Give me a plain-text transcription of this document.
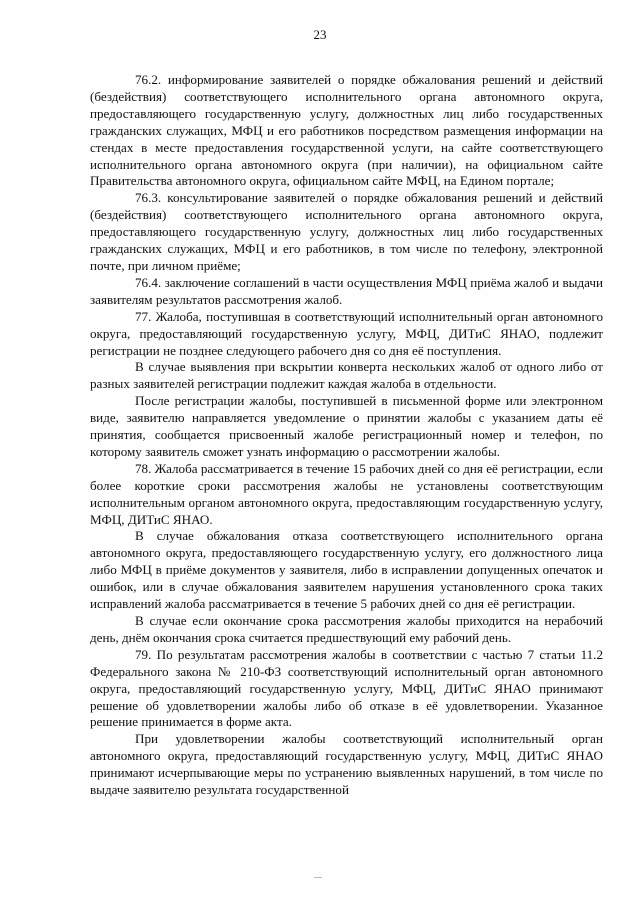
23

76.2. информирование заявителей о порядке обжалования решений и действий (бездействия) соответствующего исполнительного органа автономного округа, предоставляющего государственную услугу, должностных лиц либо государственных гражданских служащих, МФЦ и его работников посредством размещения информации на стендах в месте предоставления государственной услуги, на сайте соответствующего исполнительного органа автономного округа (при наличии), на официальном сайте Правительства автономного округа, официальном сайте МФЦ, на Едином портале;

76.3. консультирование заявителей о порядке обжалования решений и действий (бездействия) соответствующего исполнительного органа автономного округа, предоставляющего государственную услугу, должностных лиц либо государственных гражданских служащих, МФЦ и его работников, в том числе по телефону, электронной почте, при личном приёме;

76.4. заключение соглашений в части осуществления МФЦ приёма жалоб и выдачи заявителям результатов рассмотрения жалоб.

77. Жалоба, поступившая в соответствующий исполнительный орган автономного округа, предоставляющий государственную услугу, МФЦ, ДИТиС ЯНАО, подлежит регистрации не позднее следующего рабочего дня со дня её поступления.

В случае выявления при вскрытии конверта нескольких жалоб от одного либо от разных заявителей регистрации подлежит каждая жалоба в отдельности.

После регистрации жалобы, поступившей в письменной форме или электронном виде, заявителю направляется уведомление о принятии жалобы с указанием даты её принятия, сообщается присвоенный жалобе регистрационный номер и телефон, по которому заявитель сможет узнать информацию о рассмотрении жалобы.

78. Жалоба рассматривается в течение 15 рабочих дней со дня её регистрации, если более короткие сроки рассмотрения жалобы не установлены соответствующим исполнительным органом автономного округа, предоставляющим государственную услугу, МФЦ, ДИТиС ЯНАО.

В случае обжалования отказа соответствующего исполнительного органа автономного округа, предоставляющего государственную услугу, его должностного лица либо МФЦ в приёме документов у заявителя, либо в исправлении допущенных опечаток и ошибок, или в случае обжалования заявителем нарушения установленного срока таких исправлений жалоба рассматривается в течение 5 рабочих дней со дня её регистрации.

В случае если окончание срока рассмотрения жалобы приходится на нерабочий день, днём окончания срока считается предшествующий ему рабочий день.

79. По результатам рассмотрения жалобы в соответствии с частью 7 статьи 11.2 Федерального закона № 210-ФЗ соответствующий исполнительный орган автономного округа, предоставляющий государственную услугу, МФЦ, ДИТиС ЯНАО принимают решение об удовлетворении жалобы либо об отказе в её удовлетворении. Указанное решение принимается в форме акта.

При удовлетворении жалобы соответствующий исполнительный орган автономного округа, предоставляющий государственную услугу, МФЦ, ДИТиС ЯНАО принимают исчерпывающие меры по устранению выявленных нарушений, в том числе по выдаче заявителю результата государственной
